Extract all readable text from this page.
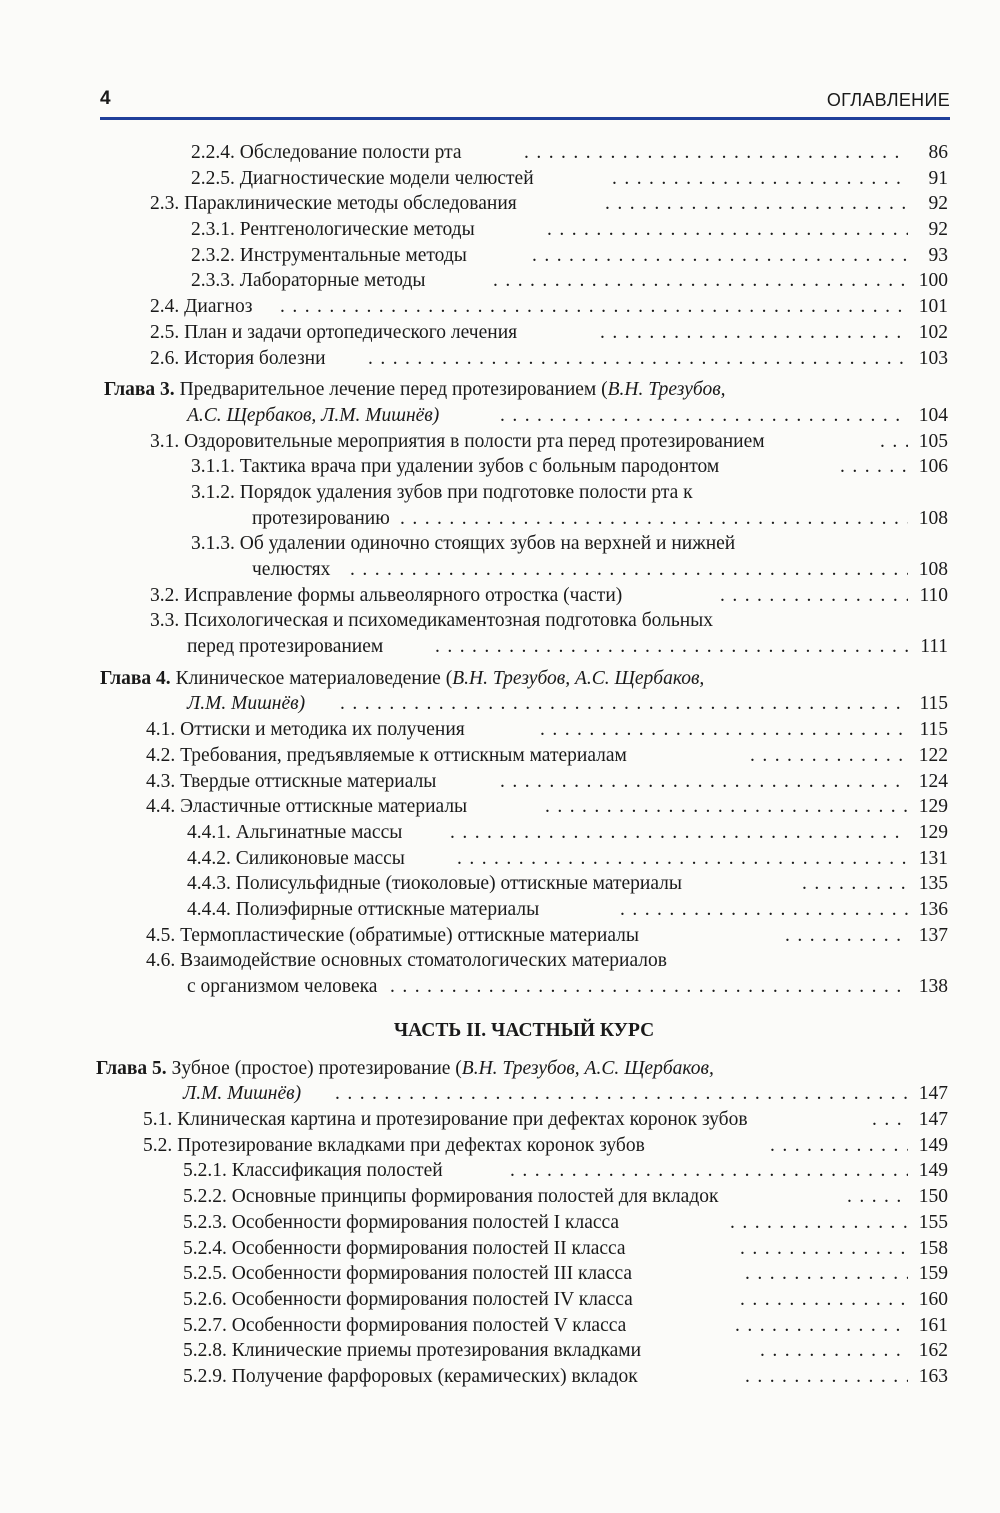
4	ОГЛАВЛЕНИЕ
2.2.4. Обследование полости рта . . .	86
2.2.5. Диагностические модели челюстей . . .	91
2.3. Параклинические методы обследования . . .	92
2.3.1. Рентгенологические методы . . .	92
2.3.2. Инструментальные методы . . .	93
2.3.3. Лабораторные методы . . .	100
2.4. Диагноз . . .	101
2.5. План и задачи ортопедического лечения . . .	102
2.6. История болезни . . .	103
Глава 3. Предварительное лечение перед протезированием (В.Н. Трезубов,
А.С. Щербаков, Л.М. Мишнёв) . . .	104
3.1. Оздоровительные мероприятия в полости рта перед протезированием . . .	105
3.1.1. Тактика врача при удалении зубов с больным пародонтом . . .	106
3.1.2. Порядок удаления зубов при подготовке полости рта к
протезированию . . .	108
3.1.3. Об удалении одиночно стоящих зубов на верхней и нижней
челюстях . . .	108
3.2. Исправление формы альвеолярного отростка (части) . . .	110
3.3. Психологическая и психомедикаментозная подготовка больных
перед протезированием . . .	111
Глава 4. Клиническое материаловедение (В.Н. Трезубов, А.С. Щербаков,
Л.М. Мишнёв) . . .	115
4.1. Оттиски и методика их получения . . .	115
4.2. Требования, предъявляемые к оттискным материалам . . .	122
4.3. Твердые оттискные материалы . . .	124
4.4. Эластичные оттискные материалы . . .	129
4.4.1. Альгинатные массы . . .	129
4.4.2. Силиконовые массы . . .	131
4.4.3. Полисульфидные (тиоколовые) оттискные материалы . . .	135
4.4.4. Полиэфирные оттискные материалы . . .	136
4.5. Термопластические (обратимые) оттискные материалы . . .	137
4.6. Взаимодействие основных стоматологических материалов
с организмом человека . . .	138
ЧАСТЬ II. ЧАСТНЫЙ КУРС
Глава 5. Зубное (простое) протезирование (В.Н. Трезубов, А.С. Щербаков,
Л.М. Мишнёв) . . .	147
5.1. Клиническая картина и протезирование при дефектах коронок зубов . . .	147
5.2. Протезирование вкладками при дефектах коронок зубов . . .	149
5.2.1. Классификация полостей . . .	149
5.2.2. Основные принципы формирования полостей для вкладок . . .	150
5.2.3. Особенности формирования полостей I класса . . .	155
5.2.4. Особенности формирования полостей II класса . . .	158
5.2.5. Особенности формирования полостей III класса . . .	159
5.2.6. Особенности формирования полостей IV класса . . .	160
5.2.7. Особенности формирования полостей V класса . . .	161
5.2.8. Клинические приемы протезирования вкладками . . .	162
5.2.9. Получение фарфоровых (керамических) вкладок . . .	163
